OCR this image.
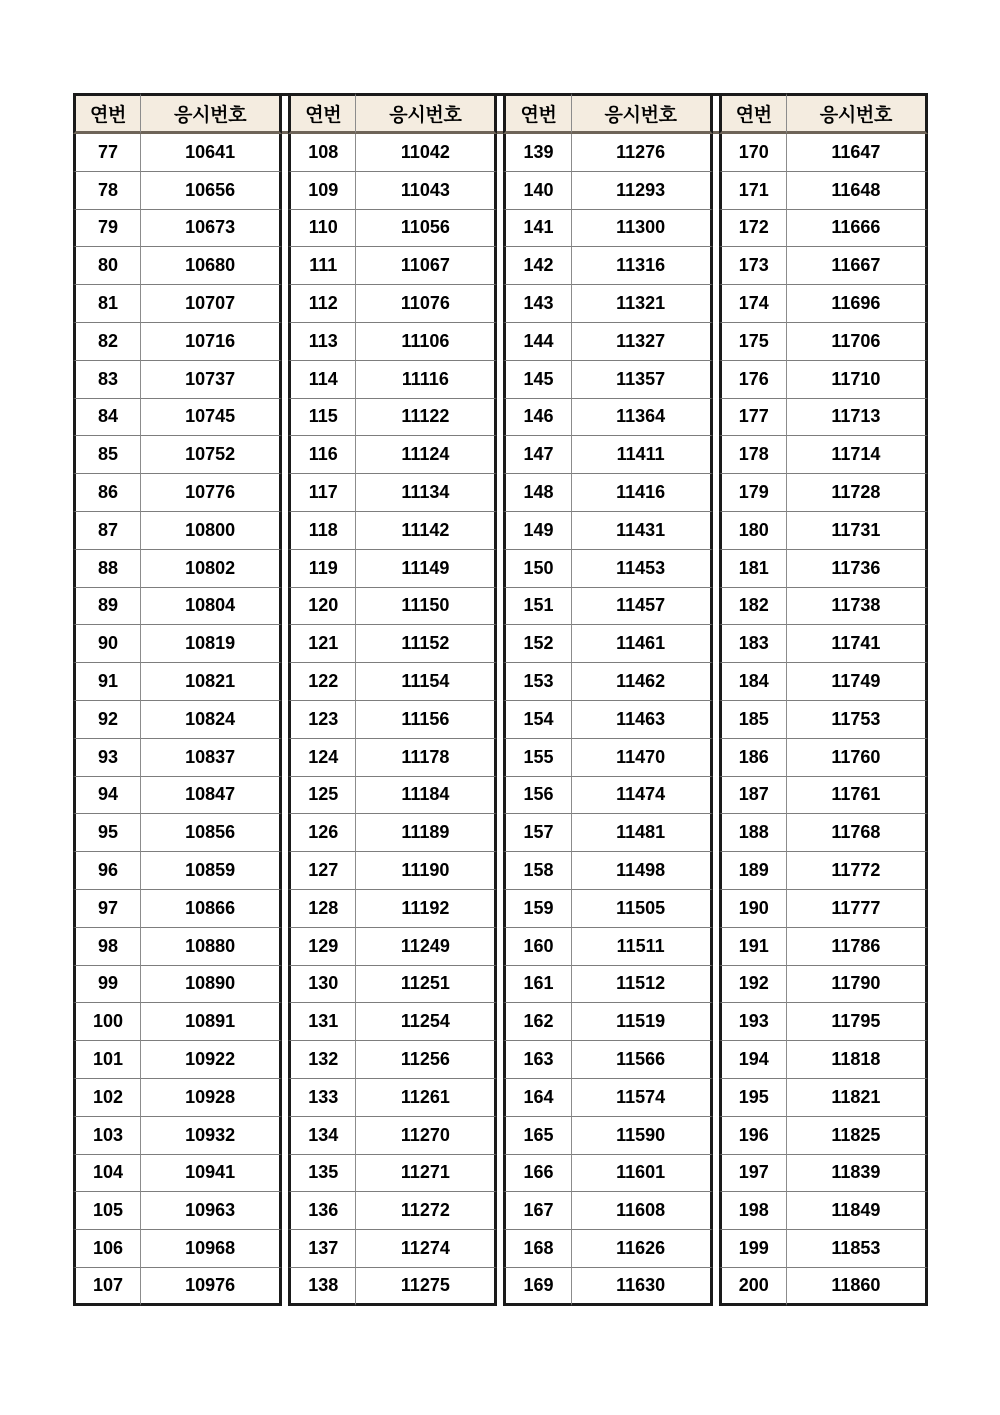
연번	응시번호		연번	응시번호		연번	응시번호		연번	응시번호
77	10641		108	11042		139	11276		170	11647
78	10656		109	11043		140	11293		171	11648
79	10673		110	11056		141	11300		172	11666
80	10680		111	11067		142	11316		173	11667
81	10707		112	11076		143	11321		174	11696
82	10716		113	11106		144	11327		175	11706
83	10737		114	11116		145	11357		176	11710
84	10745		115	11122		146	11364		177	11713
85	10752		116	11124		147	11411		178	11714
86	10776		117	11134		148	11416		179	11728
87	10800		118	11142		149	11431		180	11731
88	10802		119	11149		150	11453		181	11736
89	10804		120	11150		151	11457		182	11738
90	10819		121	11152		152	11461		183	11741
91	10821		122	11154		153	11462		184	11749
92	10824		123	11156		154	11463		185	11753
93	10837		124	11178		155	11470		186	11760
94	10847		125	11184		156	11474		187	11761
95	10856		126	11189		157	11481		188	11768
96	10859		127	11190		158	11498		189	11772
97	10866		128	11192		159	11505		190	11777
98	10880		129	11249		160	11511		191	11786
99	10890		130	11251		161	11512		192	11790
100	10891		131	11254		162	11519		193	11795
101	10922		132	11256		163	11566		194	11818
102	10928		133	11261		164	11574		195	11821
103	10932		134	11270		165	11590		196	11825
104	10941		135	11271		166	11601		197	11839
105	10963		136	11272		167	11608		198	11849
106	10968		137	11274		168	11626		199	11853
107	10976		138	11275		169	11630		200	11860
